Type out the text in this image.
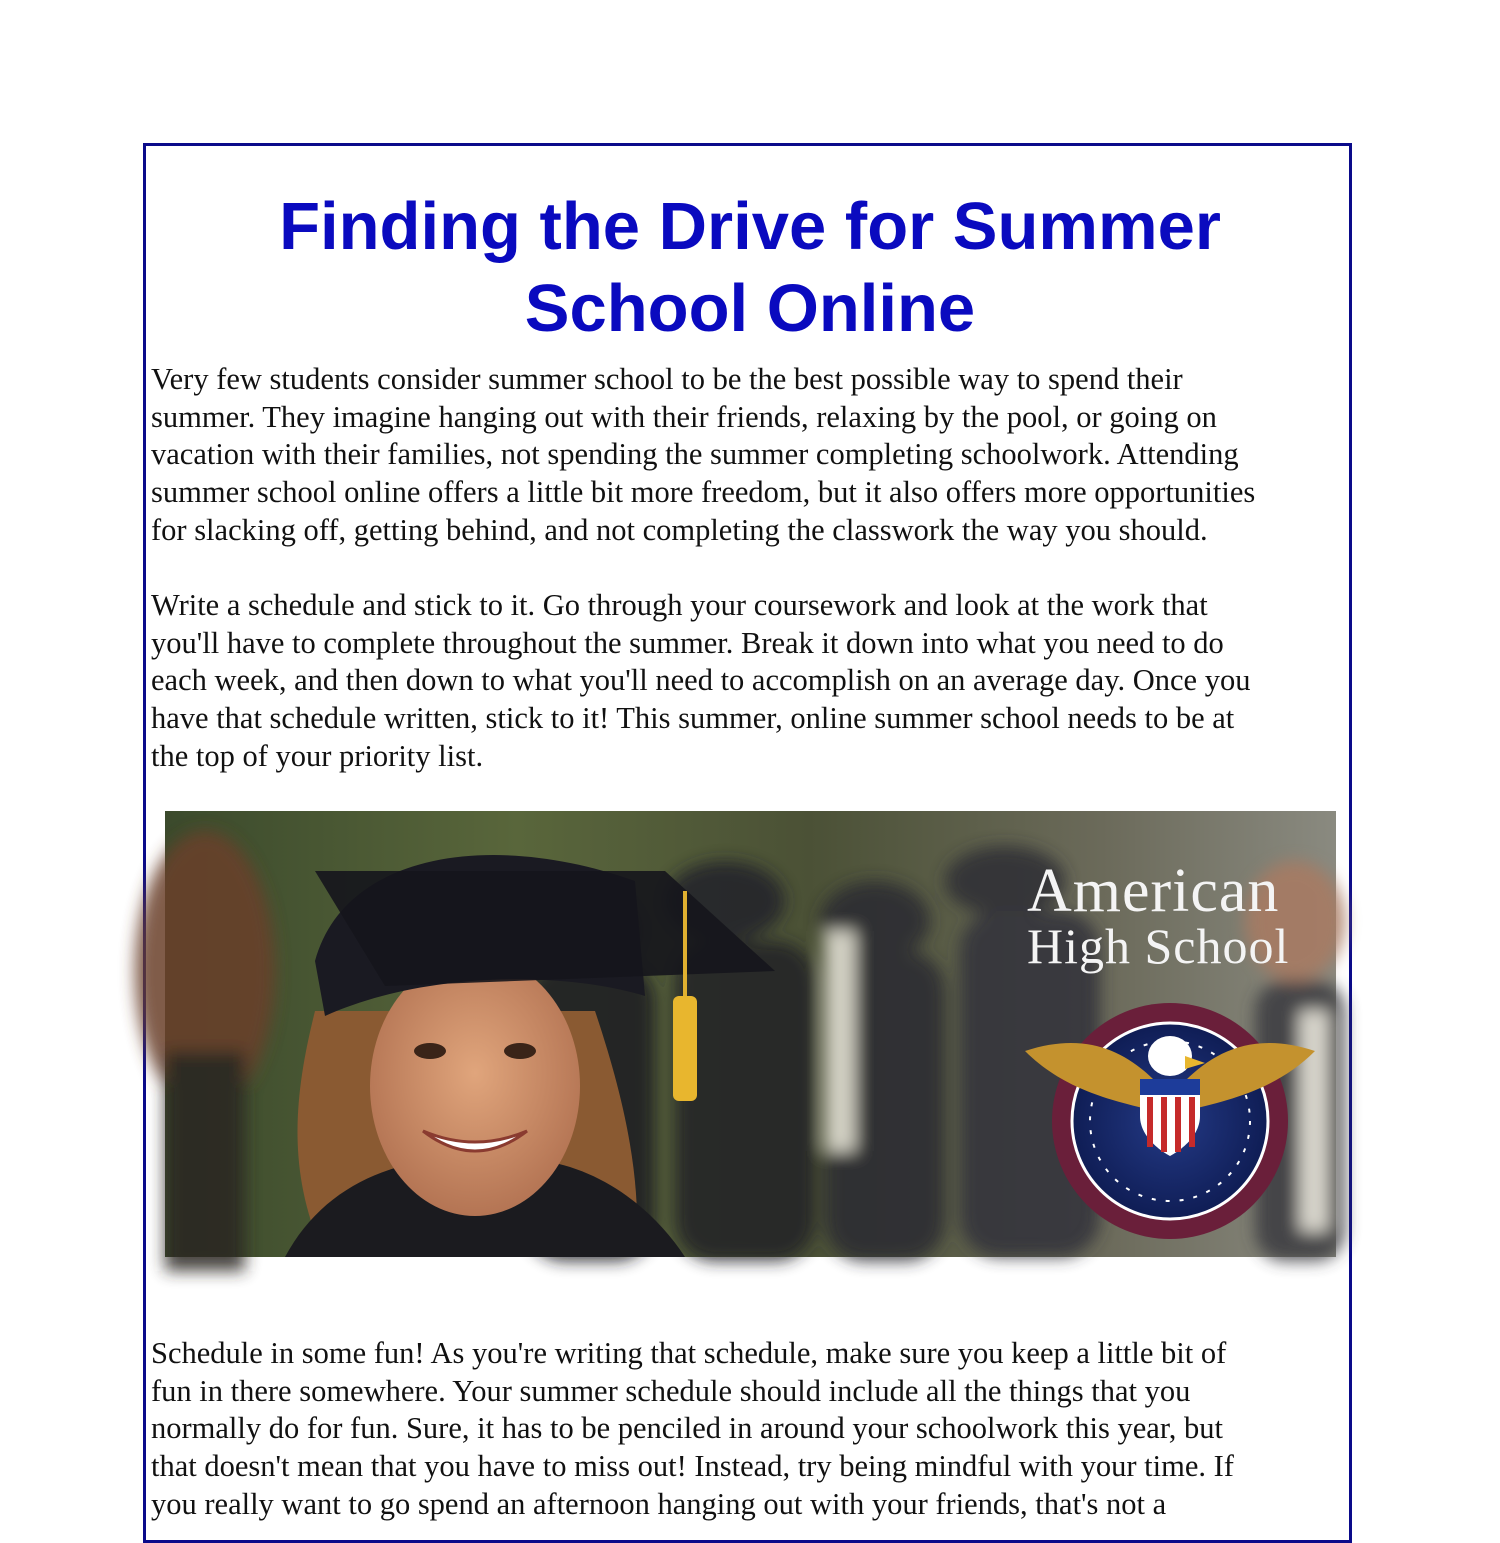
Finding the Drive for Summer
School Online
Very few students consider summer school to be the best possible way to spend their
summer. They imagine hanging out with their friends, relaxing by the pool, or going on
vacation with their families, not spending the summer completing schoolwork. Attending
summer school online offers a little bit more freedom, but it also offers more opportunities
for slacking off, getting behind, and not completing the classwork the way you should.
Write a schedule and stick to it. Go through your coursework and look at the work that
you'll have to complete throughout the summer. Break it down into what you need to do
each week, and then down to what you'll need to accomplish on an average day. Once you
have that schedule written, stick to it! This summer, online summer school needs to be at
the top of your priority list.
American
High School
Schedule in some fun! As you're writing that schedule, make sure you keep a little bit of
fun in there somewhere. Your summer schedule should include all the things that you
normally do for fun. Sure, it has to be penciled in around your schoolwork this year, but
that doesn't mean that you have to miss out! Instead, try being mindful with your time. If
you really want to go spend an afternoon hanging out with your friends, that's not a
